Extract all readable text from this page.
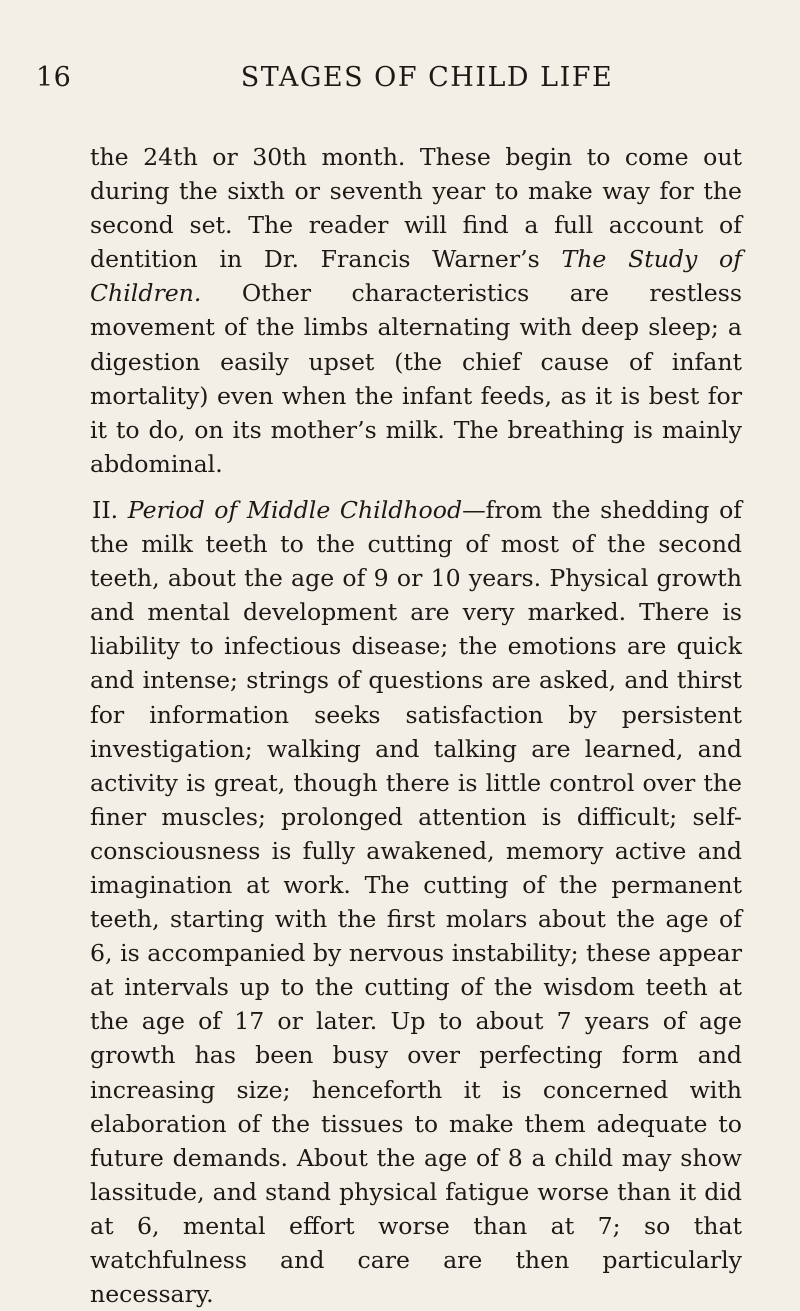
16	STAGES OF CHILD LIFE

the 24th or 30th month. These begin to come out during the sixth or seventh year to make way for the second set. The reader will find a full account of dentition in Dr. Francis Warner’s The Study of Children. Other characteristics are restless movement of the limbs alternating with deep sleep; a digestion easily upset (the chief cause of infant mortality) even when the infant feeds, as it is best for it to do, on its mother’s milk. The breathing is mainly abdominal.

II. Period of Middle Childhood—from the shedding of the milk teeth to the cutting of most of the second teeth, about the age of 9 or 10 years. Physical growth and mental development are very marked. There is liability to infectious disease; the emotions are quick and intense; strings of questions are asked, and thirst for information seeks satisfaction by persistent investigation; walking and talking are learned, and activity is great, though there is little control over the finer muscles; prolonged attention is difficult; self-consciousness is fully awakened, memory active and imagination at work. The cutting of the permanent teeth, starting with the first molars about the age of 6, is accompanied by nervous instability; these appear at intervals up to the cutting of the wisdom teeth at the age of 17 or later. Up to about 7 years of age growth has been busy over perfecting form and increasing size; henceforth it is concerned with elaboration of the tissues to make them adequate to future demands. About the age of 8 a child may show lassitude, and stand physical fatigue worse than it did at 6, mental effort worse than at 7; so that watchfulness and care are then particularly necessary.
